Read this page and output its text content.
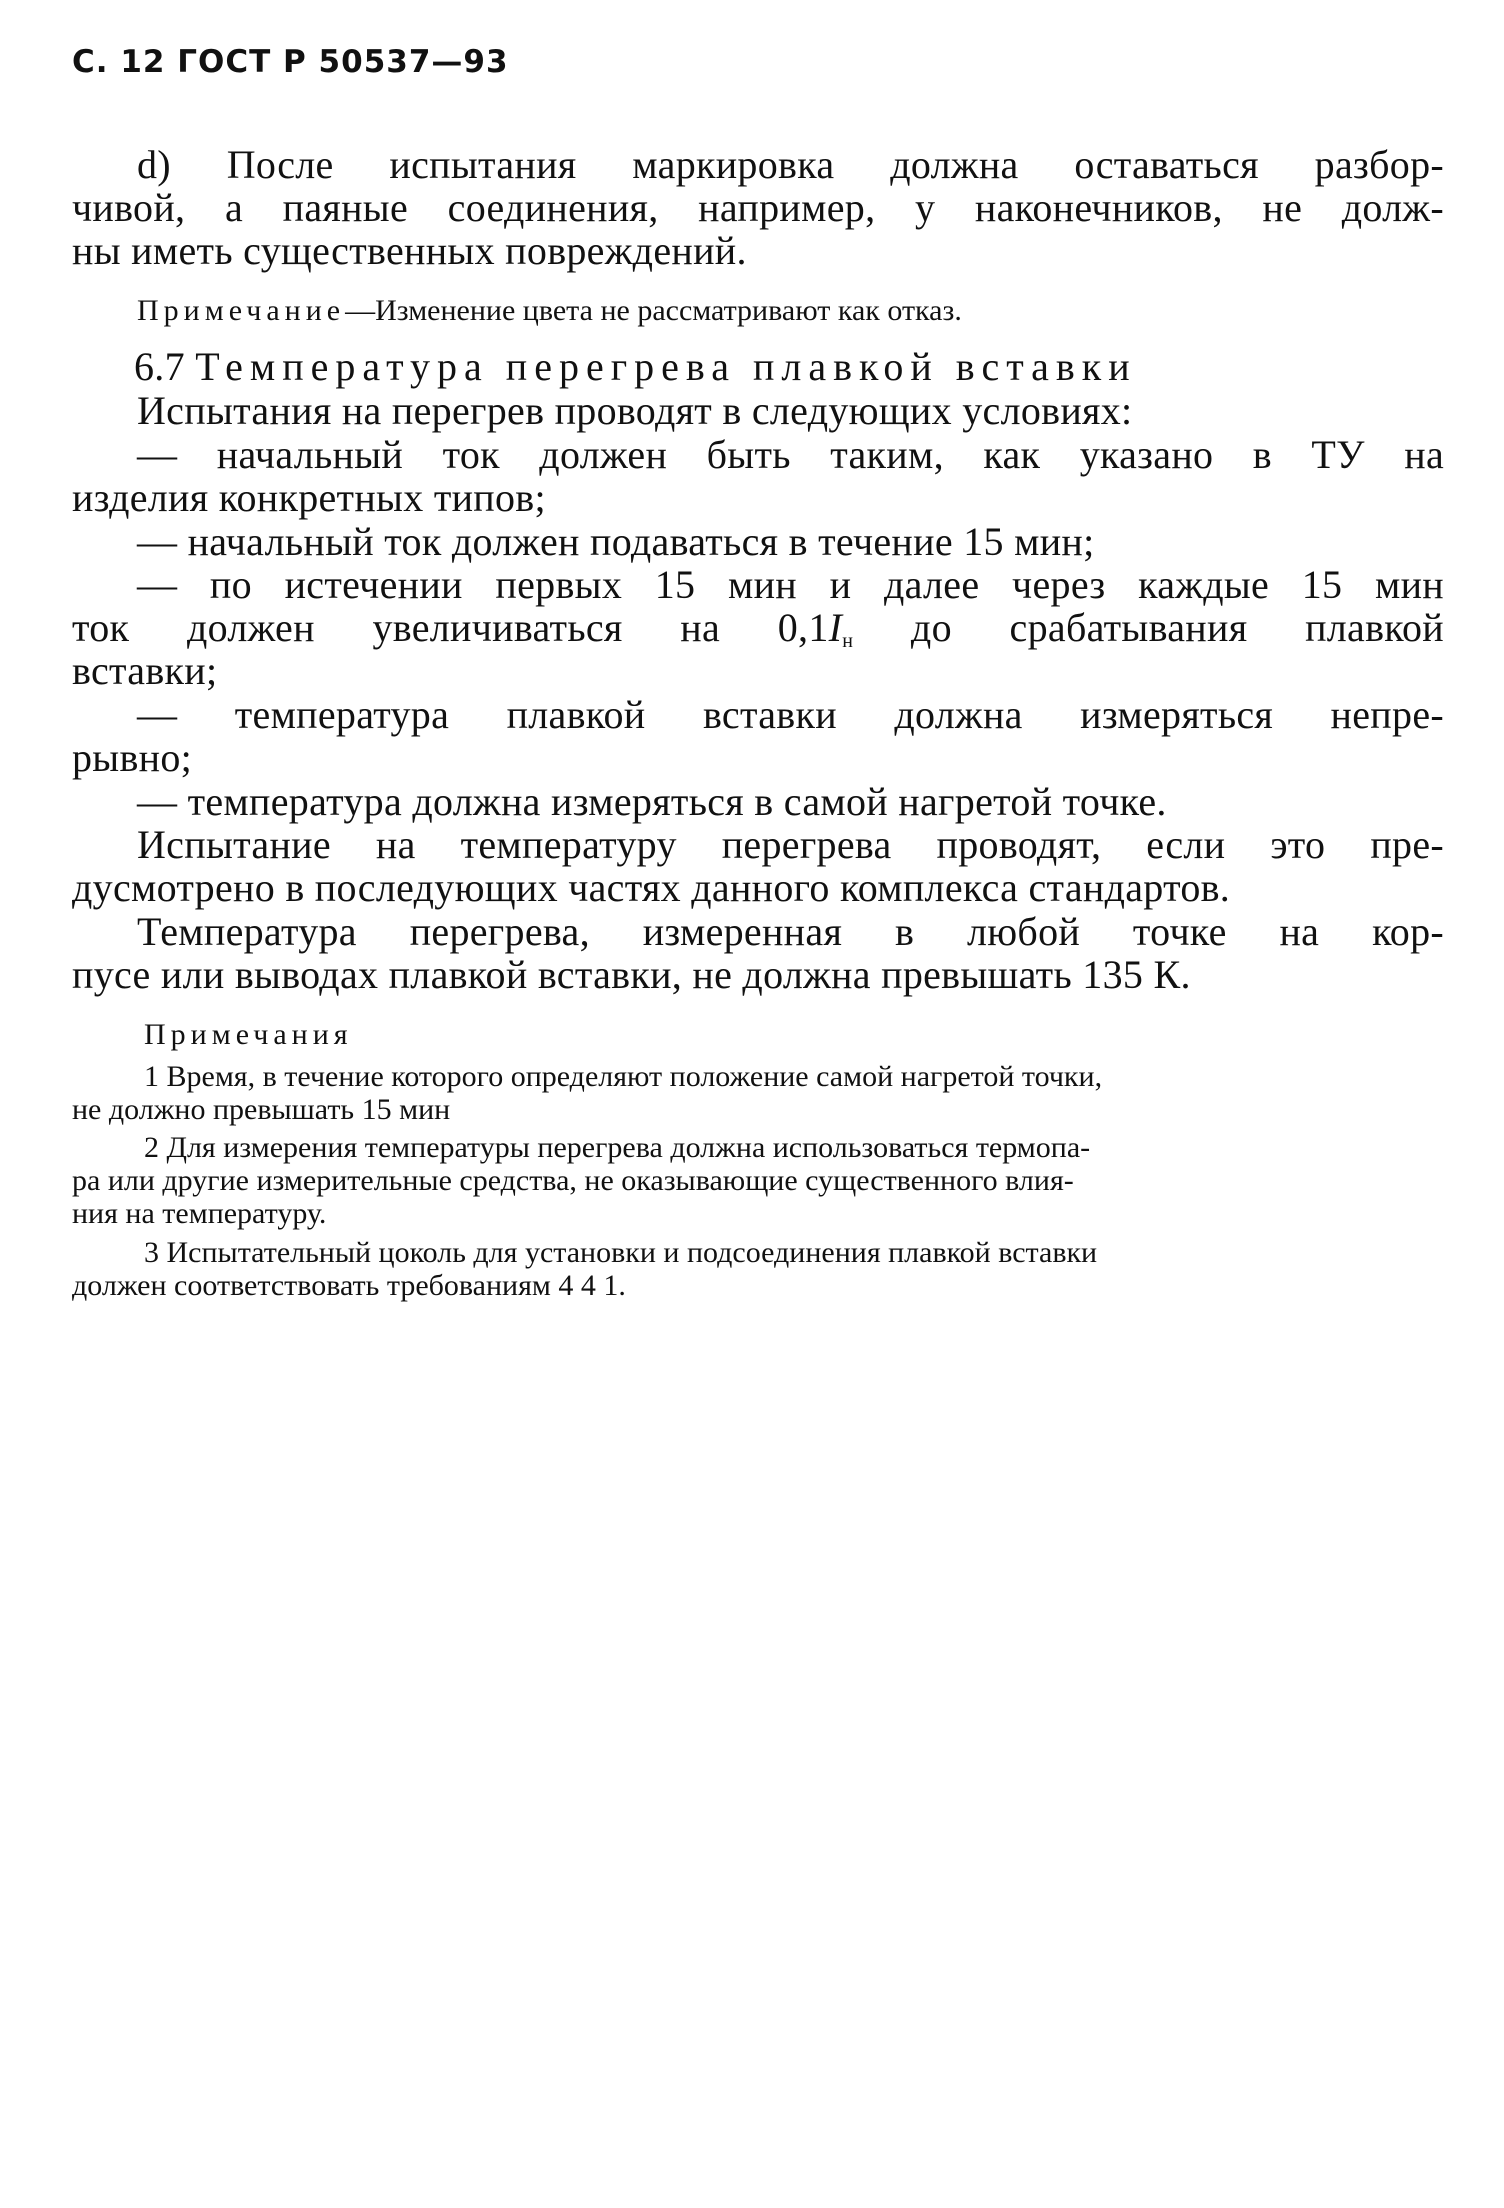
С. 12 ГОСТ Р 50537—93
d) После испытания маркировка должна оставаться разбор-
чивой, а паяные соединения, например, у наконечников, не долж-
ны иметь существенных повреждений.
Примечание—Изменение цвета не рассматривают как отказ.
6.7 Температура перегрева плавкой вставки
Испытания на перегрев проводят в следующих условиях:
— начальный ток должен быть таким, как указано в ТУ на
изделия конкретных типов;
— начальный ток должен подаваться в течение 15 мин;
— по истечении первых 15 мин и далее через каждые 15 мин
ток должен увеличиваться на $0,1I_н$ до срабатывания плавкой
вставки;
— температура плавкой вставки должна измеряться непре-
рывно;
— температура должна измеряться в самой нагретой точке.
Испытание на температуру перегрева проводят, если это пре-
дусмотрено в последующих частях данного комплекса стандартов.
Температура перегрева, измеренная в любой точке на кор-
пусе или выводах плавкой вставки, не должна превышать 135 К.
Примечания
1 Время, в течение которого определяют положение самой нагретой точки,
не должно превышать 15 мин
2 Для измерения температуры перегрева должна использоваться термопа-
ра или другие измерительные средства, не оказывающие существенного влия-
ния на температуру.
3 Испытательный цоколь для установки и подсоединения плавкой вставки
должен соответствовать требованиям 4 4 1.
